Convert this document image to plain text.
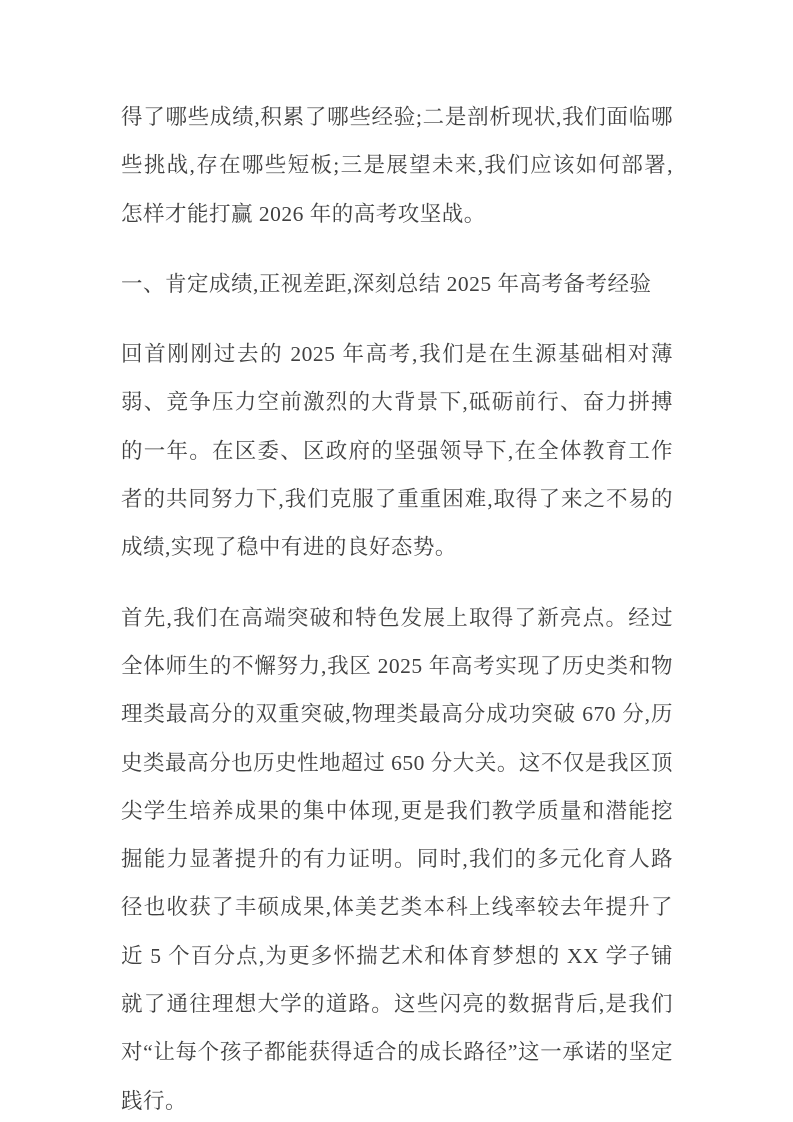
得了哪些成绩,积累了哪些经验;二是剖析现状,我们面临哪些挑战,存在哪些短板;三是展望未来,我们应该如何部署,怎样才能打赢 2026 年的高考攻坚战。

一、肯定成绩,正视差距,深刻总结 2025 年高考备考经验

回首刚刚过去的 2025 年高考,我们是在生源基础相对薄弱、竞争压力空前激烈的大背景下,砥砺前行、奋力拼搏的一年。在区委、区政府的坚强领导下,在全体教育工作者的共同努力下,我们克服了重重困难,取得了来之不易的成绩,实现了稳中有进的良好态势。

首先,我们在高端突破和特色发展上取得了新亮点。经过全体师生的不懈努力,我区 2025 年高考实现了历史类和物理类最高分的双重突破,物理类最高分成功突破 670 分,历史类最高分也历史性地超过 650 分大关。这不仅是我区顶尖学生培养成果的集中体现,更是我们教学质量和潜能挖掘能力显著提升的有力证明。同时,我们的多元化育人路径也收获了丰硕成果,体美艺类本科上线率较去年提升了近 5 个百分点,为更多怀揣艺术和体育梦想的 XX 学子铺就了通往理想大学的道路。这些闪亮的数据背后,是我们对“让每个孩子都能获得适合的成长路径”这一承诺的坚定践行。
